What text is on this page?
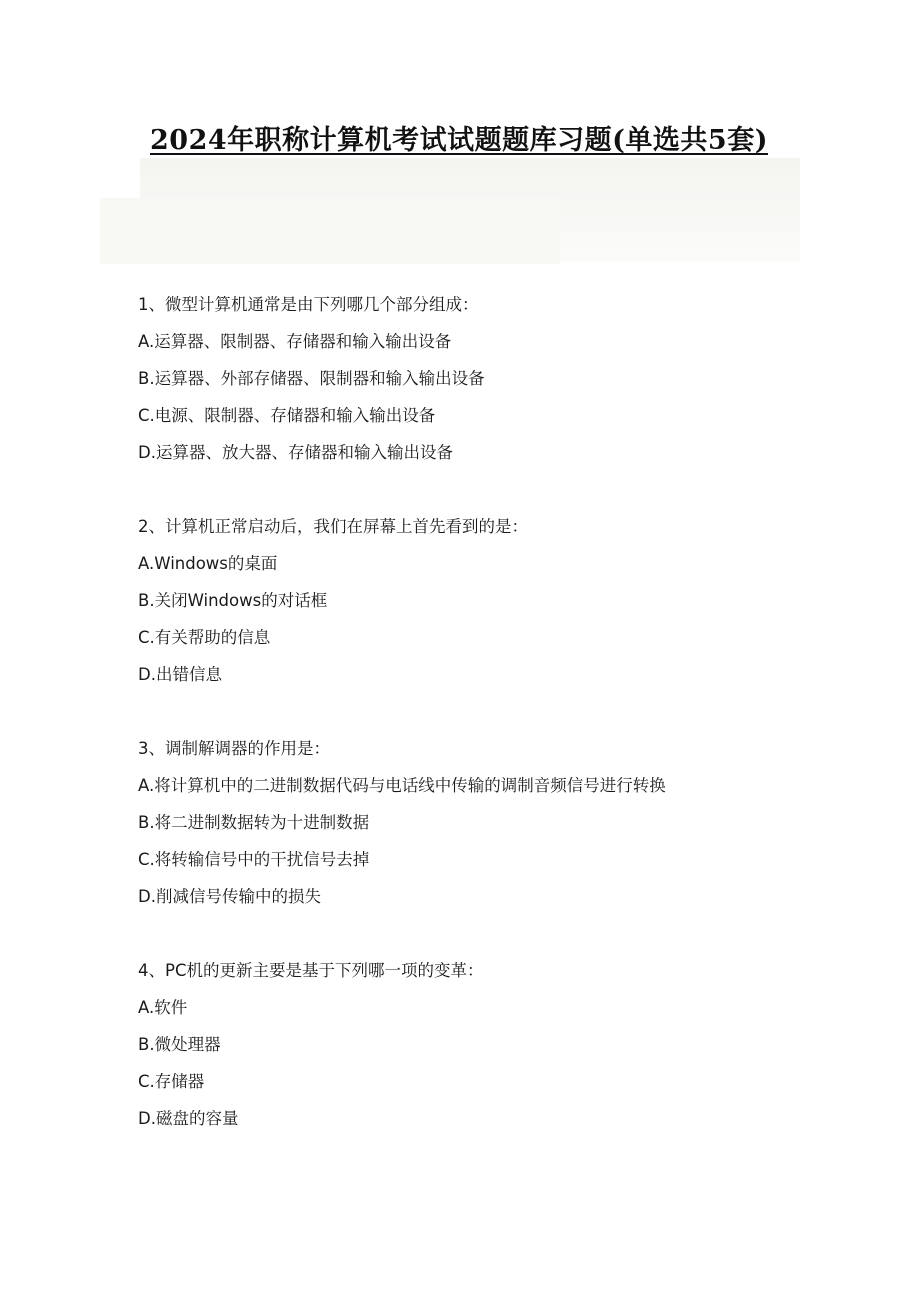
2024年职称计算机考试试题题库习题(单选共5套)
1、微型计算机通常是由下列哪几个部分组成：
A.运算器、限制器、存储器和输入输出设备
B.运算器、外部存储器、限制器和输入输出设备
C.电源、限制器、存储器和输入输出设备
D.运算器、放大器、存储器和输入输出设备
2、计算机正常启动后，我们在屏幕上首先看到的是：
A.Windows的桌面
B.关闭Windows的对话框
C.有关帮助的信息
D.出错信息
3、调制解调器的作用是：
A.将计算机中的二进制数据代码与电话线中传输的调制音频信号进行转换
B.将二进制数据转为十进制数据
C.将转输信号中的干扰信号去掉
D.削减信号传输中的损失
4、PC机的更新主要是基于下列哪一项的变革：
A.软件
B.微处理器
C.存储器
D.磁盘的容量
